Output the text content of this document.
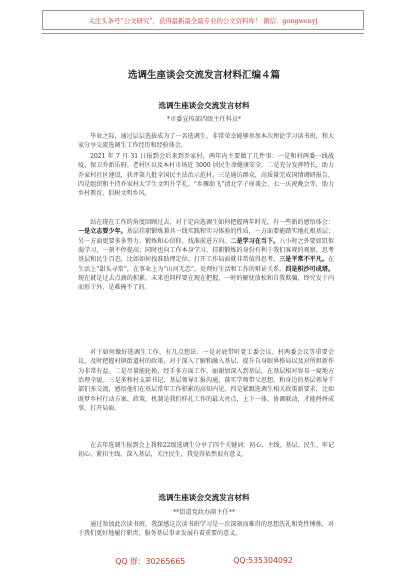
关注头条号“公文研究”，获得最新最全最专业的公文资料库！ 微信：gongwenyj
选调生座谈会交流发言材料汇编４篇
选调生座谈会交流发言材料
*市委宣传部四级主任科员*

毕业之际，通过层层选拔成为了一名选调生，非常荣幸能够参加本次理论学习读书班，和大家分享交流选调生工作经历和经验体会。

2021 年 7 月 31 日报到会后来到乔家村，两年内主要做了几件事：一是和村两委一线战疫，保卫乔新乐府。老村区以及本村市场近 3000 居民生命健康安全。二是充分发挥特长，助力乔家村社区建设，获评第九批全国民主法治示范村。三是通访群众，高质量完成国情调研报告，四是组织和主持乔家村大学生文明升学礼。“乡雁助飞”清北学子座谈会、七一庆祝晚会等，助力乡村教育，倡树文明乡风。

站在现在工作的角度回顾过去，对于定向选调生如何把握两年时光，有一些新的感悟体会：一是立志要少年。基层挂职锻炼兼具一线实践和实习体验的性质，一方面要能踏实地扎根基层；另一方面更要多多努力、锻炼和心信仰、找准前进方向。二是学习在当下。八小时之外要如饥似渴学习，一刻不停提高；同时也向工作本身学习。挂职锻炼的身份有利于我们客观的观察、思考基层和民生百态，比如如何找准助理定位、打开工作局面就非常值得思考。三是平常不平凡。在生活上“甜头寻常”，在事业上为“山河无恙”，处理好生活和工作的辩证关系。四是积沙可成塔。现在就是过去点滴的积累，未来也同样要在现在把握，一时的解忧放松和自我欺骗，终究发于内而形于外，是难掩不了的。

对于如何做好选调生工作，有几点想法：一是对底带听党工委会议、村两委会议等重要会议，及时把握村镇街道村的政策，对于深入了解和融入基层、提升自身眼界格局以及对所担新作为非常有益。二是尽量能轮换，经手多方面工作，丽谢加深入到基层，在基层相对容易一窥地方治理全貌。三是多和村支部书记、基层领导汇报沟通，落实学师带父思想，和身边的基层领导干部们多交流，感悟他们在基层常年工作积累的高知内见。四是紧跟选调生相关政策新要求，比如既梦乡村行动方案、政策，机制是我们样扎工作的最大亮点，上下一体，协调联动，才能捋捋成事，打开局面。

在去年选调生报到会上我和22级选调生分享了四个关键词：初心、主线、基层、民生、牢记初心、紧扣主线、深入基层，关注民生，我觉得依然很有意义。

选调生座谈会交流发言材料
**街道党政办副主任**

通过参加此次读书班，我深感这次读书班学习是一次深刻而难得的思想洗礼和党性锤炼，对于我们更好地履行职责、服务基层事业发展有着重要的意义。

QQ 群：30265665	QQ:535304092
